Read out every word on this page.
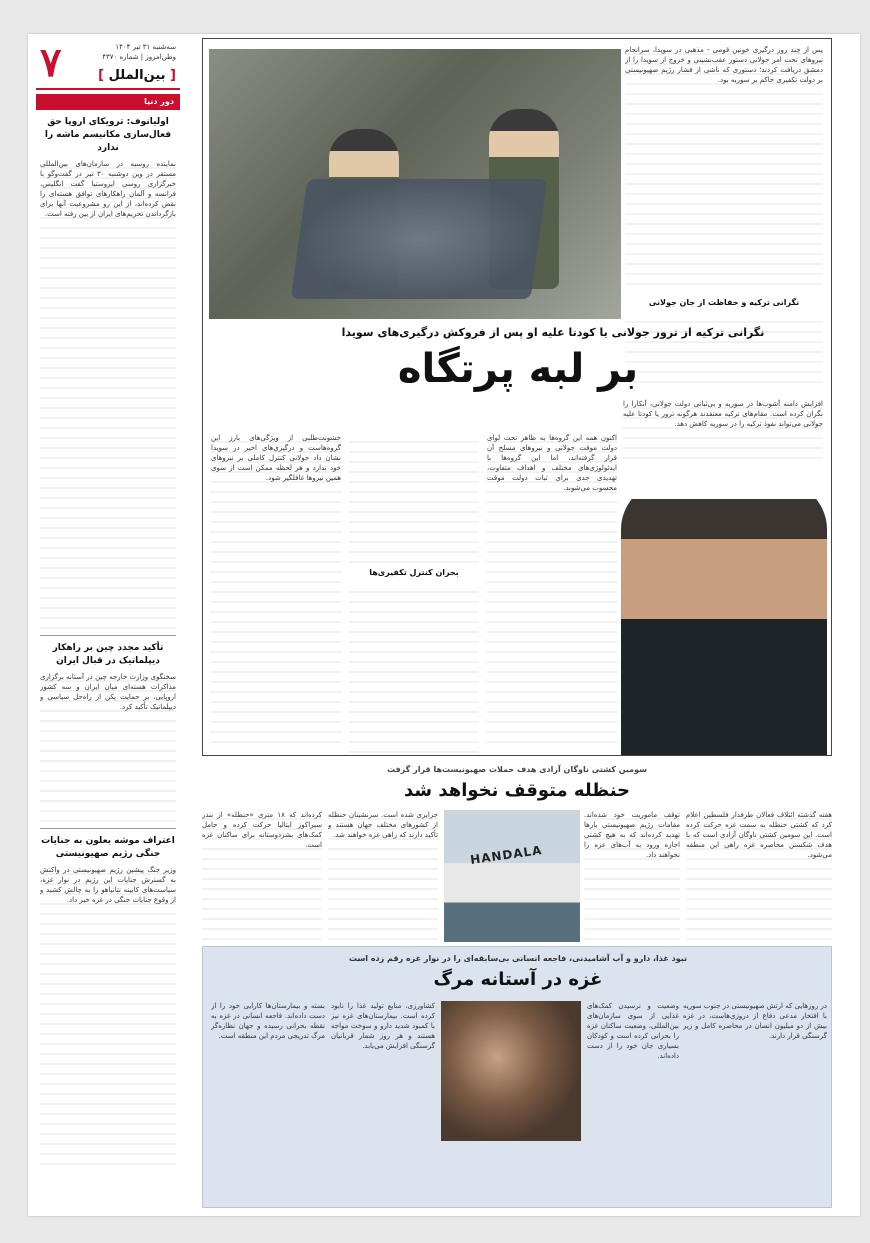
۷	سه‌شنبه ۳۱ تیر ۱۴۰۴
وطن‌امروز | شماره ۴۳۷۰
[ بین‌الملل ]
دور دنیا
اولیانوف: ترویکای اروپا حق فعال‌سازی مکانیسم ماشه را ندارد
نماینده روسیه در سازمان‌های بین‌المللی مستقر در وین دوشنبه ۳۰ تیر در گفت‌وگو با خبرگزاری روسی ایزوستیا گفت انگلیس، فرانسه و آلمان راهکارهای توافق هسته‌ای را نقض کرده‌اند، از این رو مشروعیت آنها برای بازگرداندن تحریم‌های ایران از بین رفته است.
تأکید مجدد چین بر راهکار دیپلماتیک در قبال ایران
سخنگوی وزارت خارجه چین در آستانه برگزاری مذاکرات هسته‌ای میان ایران و سه کشور اروپایی، بر حمایت پکن از راه‌حل سیاسی و دیپلماتیک تأکید کرد.
اعتراف موشه یعلون به جنایات جنگی رژیم صهیونیستی
وزیر جنگ پیشین رژیم صهیونیستی در واکنش به گسترش جنایات این رژیم در نوار غزه، سیاست‌های کابینه نتانیاهو را به چالش کشید و از وقوع جنایات جنگی در غزه خبر داد.
پس از چند روز درگیری خونین قومی - مذهبی در سویدا، سرانجام نیروهای تحت امر جولانی دستور عقب‌نشینی و خروج از سویدا را از دمشق دریافت کردند؛ دستوری که ناشی از فشار رژیم صهیونیستی بر دولت تکفیری حاکم بر سوریه بود.
نگرانی ترکیه و حفاظت از جان جولانی
نگرانی ترکیه از ترور جولانی یا کودتا علیه او پس از فروکش درگیری‌های سویدا
بر لبه پرتگاه
خشونت‌طلبی از ویژگی‌های بارز این گروه‌هاست و درگیری‌های اخیر در سویدا نشان داد جولانی کنترل کاملی بر نیروهای خود ندارد و هر لحظه ممکن است از سوی همین نیروها غافلگیر شود.
بحران کنترل تکفیری‌ها
اکنون همه این گروه‌ها به ظاهر تحت لوای دولت موقت جولانی و نیروهای مسلح آن قرار گرفته‌اند، اما این گروه‌ها با ایدئولوژی‌های مختلف و اهداف متفاوت، تهدیدی جدی برای ثبات دولت موقت محسوب می‌شوند.
افزایش دامنه آشوب‌ها در سوریه و بی‌ثباتی دولت جولانی، آنکارا را نگران کرده است. مقام‌های ترکیه معتقدند هرگونه ترور یا کودتا علیه جولانی می‌تواند نفوذ ترکیه را در سوریه کاهش دهد.
سومین کشتی ناوگان آزادی هدف حملات صهیونیست‌ها قرار گرفت
حنظله متوقف نخواهد شد
هفته گذشته ائتلاف فعالان طرفدار فلسطین اعلام کرد که کشتی حنظله به سمت غزه حرکت کرده است. این سومین کشتی ناوگان آزادی است که با هدف شکستن محاصره غزه راهی این منطقه می‌شود.
توقف ماموریت خود شده‌اند. مقامات رژیم صهیونیستی بارها تهدید کرده‌اند که به هیچ کشتی اجازه ورود به آب‌های غزه را نخواهند داد.
HANDALA
جزایری شده است. سرنشینان حنظله از کشورهای مختلف جهان هستند و تأکید دارند که راهی غزه خواهند شد.
کرده‌اند که ۱۸ مترى «حنظله» از بندر سیراکوز ایتالیا حرکت کرده و حامل کمک‌های بشردوستانه برای ساکنان غزه است.
نبود غذا، دارو و آب آشامیدنی، فاجعه انسانی بی‌سابقه‌ای را در نوار غزه رقم زده است
غزه در آستانه مرگ
در روزهایی که ارتش صهیونیستی در جنوب سوریه با افتخار مدعی دفاع از دروزی‌هاست، در غزه بیش از دو میلیون انسان در محاصره کامل و زیر گرسنگی قرار دارند.
وضعیت و نرسیدن کمک‌های غذایی از سوی سازمان‌های بین‌المللی، وضعیت ساکنان غزه را بحرانی کرده است و کودکان بسیاری جان خود را از دست داده‌اند.
کشاورزی، منابع تولید غذا را نابود کرده است. بیمارستان‌های غزه نیز با کمبود شدید دارو و سوخت مواجه هستند و هر روز شمار قربانیان گرسنگی افزایش می‌یابد.
بسته و بیمارستان‌ها کارایی خود را از دست داده‌اند. فاجعه انسانی در غزه به نقطه بحرانی رسیده و جهان نظاره‌گر مرگ تدریجی مردم این منطقه است.
